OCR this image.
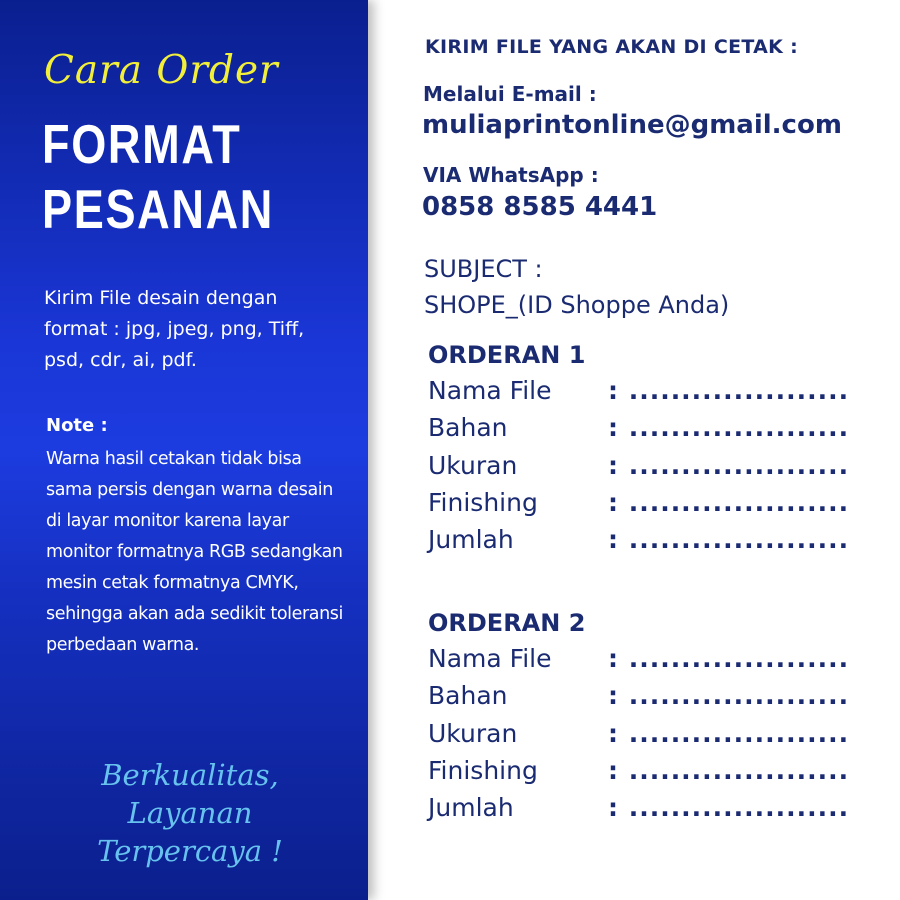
Cara Order
FORMAT
PESANAN
Kirim File desain dengan format : jpg, jpeg, png, Tiff, psd, cdr, ai, pdf.
Note :
Warna hasil cetakan tidak bisa sama persis dengan warna desain di layar monitor karena layar monitor formatnya RGB sedangkan mesin cetak formatnya CMYK, sehingga akan ada sedikit toleransi perbedaan warna.
Berkualitas, Layanan
Terpercaya !
KIRIM FILE YANG AKAN DI CETAK :
Melalui E-mail :
muliaprintonline@gmail.com
VIA WhatsApp :
0858 8585 4441
SUBJECT :
SHOPE_(ID Shoppe Anda)
ORDERAN 1
Nama File : .....................
Bahan	: .....................
Ukuran	: .....................
Finishing	: .....................
Jumlah	: .....................
ORDERAN 2
Nama File : .....................
Bahan	: .....................
Ukuran	: .....................
Finishing	: .....................
Jumlah	: .....................
